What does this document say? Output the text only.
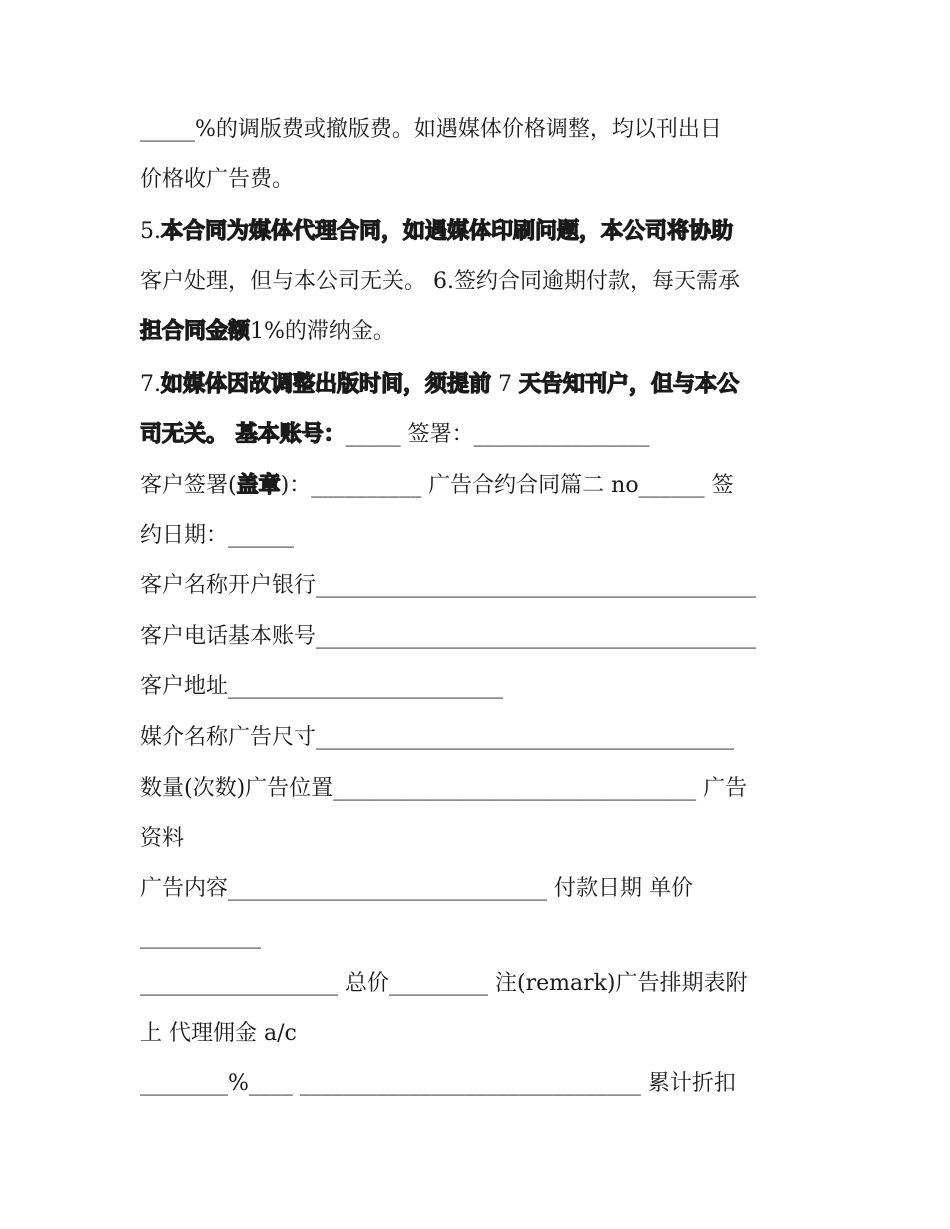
_____%的调版费或撤版费。如遇媒体价格调整，均以刊出日
价格收广告费。
5.本合同为媒体代理合同，如遇媒体印刷问题，本公司将协助
客户处理，但与本公司无关。 6.签约合同逾期付款，每天需承
担合同金额1%的滞纳金。
7.如媒体因故调整出版时间，须提前 7 天告知刊户，但与本公
司无关。 基本账号：_____ 签署：________________
客户签署(盖章)：__________ 广告合约合同篇二 no______ 签
约日期：______
客户名称开户银行________________________________________
客户电话基本账号________________________________________
客户地址_________________________
媒介名称广告尺寸______________________________________
数量(次数)广告位置_________________________________ 广告
资料
广告内容_____________________________ 付款日期 单价
___________
__________________ 总价_________ 注(remark)广告排期表附
上 代理佣金 a/c
________%____ _______________________________ 累计折扣
